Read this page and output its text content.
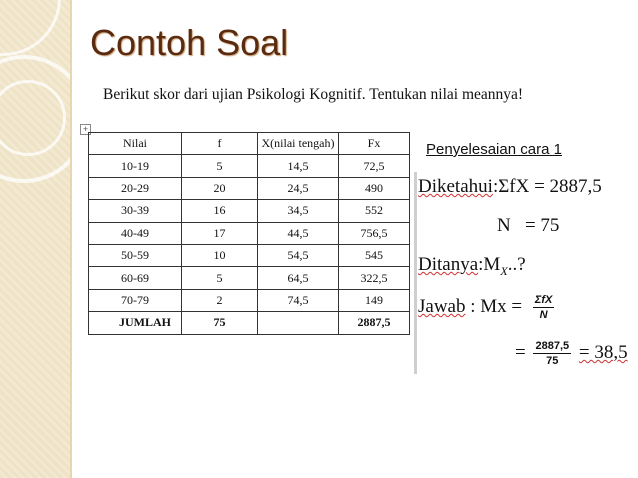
Contoh Soal
Berikut skor dari ujian Psikologi Kognitif. Tentukan nilai meannya!
+
Nilai	f	X(nilai tengah)	Fx
10-19	5	14,5	72,5
20-29	20	24,5	490
30-39	16	34,5	552
40-49	17	44,5	756,5
50-59	10	54,5	545
60-69	5	64,5	322,5
70-79	2	74,5	149
JUMLAH	75		2887,5
Penyelesaian cara 1
Diketahui:ΣfX = 2887,5
N   = 75
$Ditanya:M_X$..?
Jawab : $Mx = \frac{\text{ΣfX}}{N}$
= $\frac{2887,5}{75} = 38,5$
